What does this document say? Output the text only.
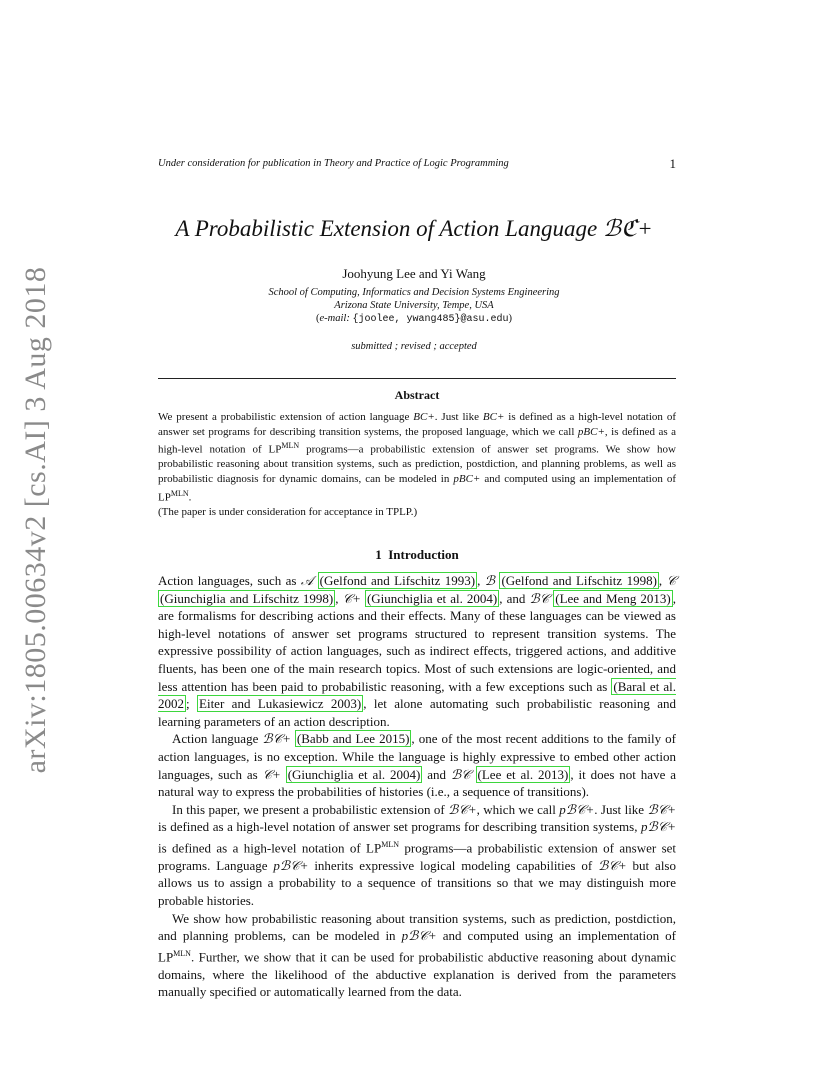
arXiv:1805.00634v2 [cs.AI] 3 Aug 2018
Under consideration for publication in Theory and Practice of Logic Programming	1
A Probabilistic Extension of Action Language ℬℭ+
Joohyung Lee and Yi Wang
School of Computing, Informatics and Decision Systems Engineering
Arizona State University, Tempe, USA
(e-mail: {joolee, ywang485}@asu.edu)
submitted ; revised ; accepted
Abstract

We present a probabilistic extension of action language BC+. Just like BC+ is defined as a high-level notation of answer set programs for describing transition systems, the proposed language, which we call pBC+, is defined as a high-level notation of $LP^{MLN}$ programs—a probabilistic extension of answer set programs. We show how probabilistic reasoning about transition systems, such as prediction, postdiction, and planning problems, as well as probabilistic diagnosis for dynamic domains, can be modeled in pBC+ and computed using an implementation of $LP^{MLN}$.

(The paper is under consideration for acceptance in TPLP.)

1 Introduction

Action languages, such as 𝒜 (Gelfond and Lifschitz 1993) , ℬ (Gelfond and Lifschitz 1998) , 𝒞 (Giunchiglia and Lifschitz 1998) , 𝒞+ (Giunchiglia et al. 2004) , and ℬ𝒞 (Lee and Meng 2013) , are formalisms for describing actions and their effects. Many of these languages can be viewed as high-level notations of answer set programs structured to represent transition systems. The expressive possibility of action languages, such as indirect effects, triggered actions, and additive fluents, has been one of the main research topics. Most of such extensions are logic-oriented, and less attention has been paid to probabilistic reasoning, with a few exceptions such as (Baral et al. 2002 ; Eiter and Lukasiewicz 2003) , let alone automating such probabilistic reasoning and learning parameters of an action description.

Action language ℬ𝒞+ (Babb and Lee 2015) , one of the most recent additions to the family of action languages, is no exception. While the language is highly expressive to embed other action languages, such as 𝒞+ (Giunchiglia et al. 2004) and ℬ𝒞 (Lee et al. 2013) , it does not have a natural way to express the probabilities of histories (i.e., a sequence of transitions).

In this paper, we present a probabilistic extension of ℬ𝒞+, which we call pℬ𝒞+. Just like ℬ𝒞+ is defined as a high-level notation of answer set programs for describing transition systems, pℬ𝒞+ is defined as a high-level notation of $LP^{MLN}$ programs—a probabilistic extension of answer set programs. Language pℬ𝒞+ inherits expressive logical modeling capabilities of ℬ𝒞+ but also allows us to assign a probability to a sequence of transitions so that we may distinguish more probable histories.

We show how probabilistic reasoning about transition systems, such as prediction, postdiction, and planning problems, can be modeled in pℬ𝒞+ and computed using an implementation of $LP^{MLN}$. Further, we show that it can be used for probabilistic abductive reasoning about dynamic domains, where the likelihood of the abductive explanation is derived from the parameters manually specified or automatically learned from the data.
